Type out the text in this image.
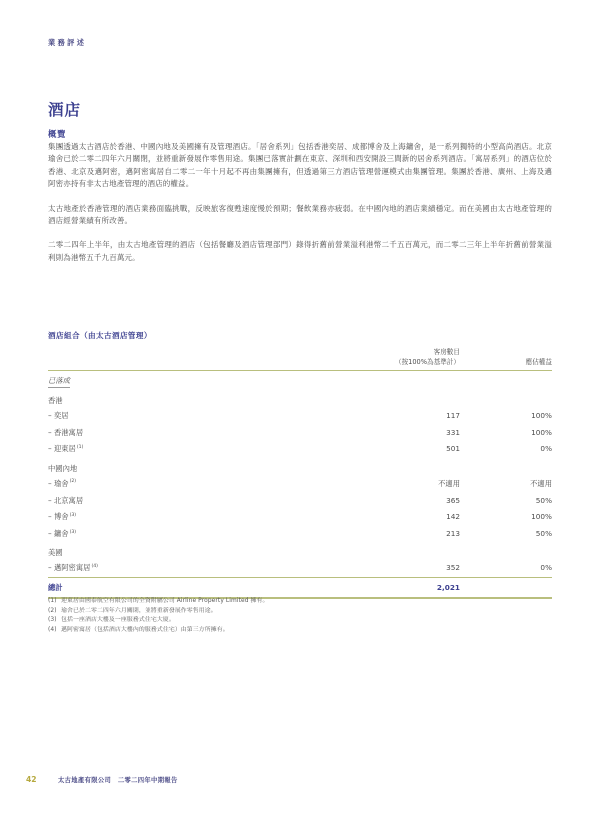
業務評述
酒店
概覽

集團透過太古酒店於香港、中國內地及美國擁有及管理酒店。「居舍系列」包括香港奕居、成都博舍及上海鏞舍，是一系列獨特的小型高尚酒店。北京瑜舍已於二零二四年六月關閉，並將重新發展作零售用途。集團已落實計劃在東京、深圳和西安開設三間新的居舍系列酒店。「寓居系列」的酒店位於香港、北京及邁阿密，邁阿密寓居自二零二一年十月起不再由集團擁有，但透過第三方酒店管理營運模式由集團管理。集團於香港、廣州、上海及邁阿密亦持有非太古地產管理的酒店的權益。

太古地產於香港管理的酒店業務面臨挑戰，反映旅客復甦速度慢於預期；餐飲業務亦疲弱。在中國內地的酒店業績穩定。而在美國由太古地產管理的酒店經營業績有所改善。

二零二四年上半年，由太古地產管理的酒店（包括餐廳及酒店管理部門）錄得折舊前營業溢利港幣二千五百萬元，而二零二三年上半年折舊前營業溢利則為港幣五千九百萬元。

酒店組合（由太古酒店管理）

	客房數目
（按100%為基準計）	應佔權益
已落成		
香港		
– 奕居	117	100%
– 香港寓居	331	100%
– 迎東居$^{(1)}$	501	0%
中國內地		
– 瑜舍$^{(2)}$	不適用	不適用
– 北京寓居	365	50%
– 博舍$^{(3)}$	142	100%
– 鏞舍$^{(3)}$	213	50%
美國		
– 邁阿密寓居$^{(4)}$	352	0%
總計	2,021	
(1) 迎東居由國泰航空有限公司的全資附屬公司 Airline Property Limited 擁有。
(2) 瑜舍已於二零二四年六月關閉，並將重新發展作零售用途。
(3) 包括一座酒店大樓及一座服務式住宅大廈。
(4) 邁阿密寓居（包括酒店大樓內的服務式住宅）由第三方所擁有。
42	太古地產有限公司　二零二四年中期報告
